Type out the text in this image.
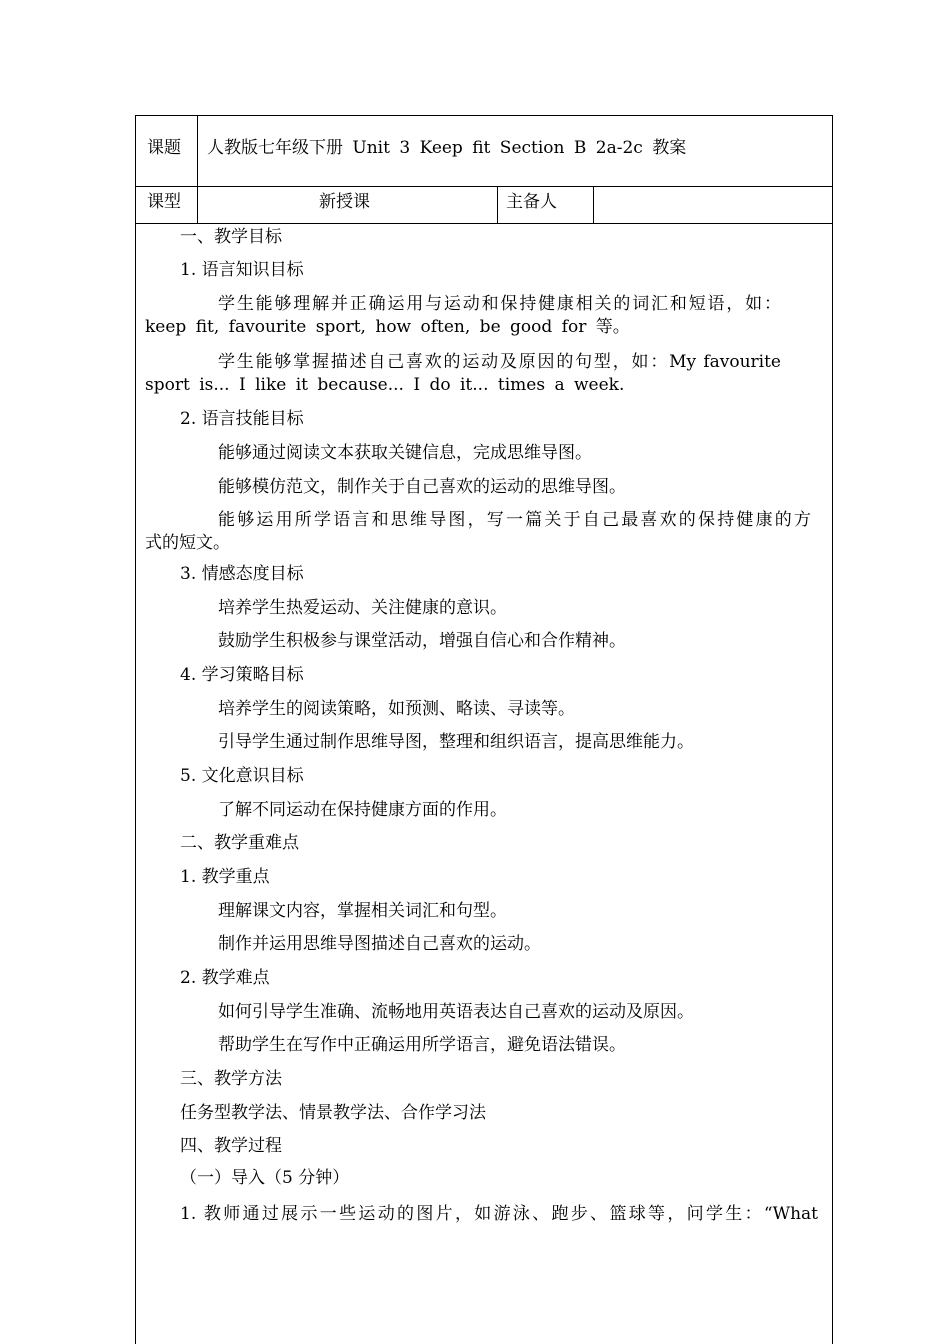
课题 人教版七年级下册 Unit 3 Keep fit Section B 2a-2c 教案
课型	新授课	主备人
一、教学目标
1. 语言知识目标
学生能够理解并正确运用与运动和保持健康相关的词汇和短语，如：
keep fit, favourite sport, how often, be good for 等。
学生能够掌握描述自己喜欢的运动及原因的句型，如：My favourite
sport is... I like it because... I do it... times a week.
2. 语言技能目标
能够通过阅读文本获取关键信息，完成思维导图。
能够模仿范文，制作关于自己喜欢的运动的思维导图。
能够运用所学语言和思维导图，写一篇关于自己最喜欢的保持健康的方
式的短文。
3. 情感态度目标
培养学生热爱运动、关注健康的意识。
鼓励学生积极参与课堂活动，增强自信心和合作精神。
4. 学习策略目标
培养学生的阅读策略，如预测、略读、寻读等。
引导学生通过制作思维导图，整理和组织语言，提高思维能力。
5. 文化意识目标
了解不同运动在保持健康方面的作用。
二、教学重难点
1. 教学重点
理解课文内容，掌握相关词汇和句型。
制作并运用思维导图描述自己喜欢的运动。
2. 教学难点
如何引导学生准确、流畅地用英语表达自己喜欢的运动及原因。
帮助学生在写作中正确运用所学语言，避免语法错误。
三、教学方法
任务型教学法、情景教学法、合作学习法
四、教学过程
（一）导入（5 分钟）
1. 教师通过展示一些运动的图片，如游泳、跑步、篮球等，问学生：“What
